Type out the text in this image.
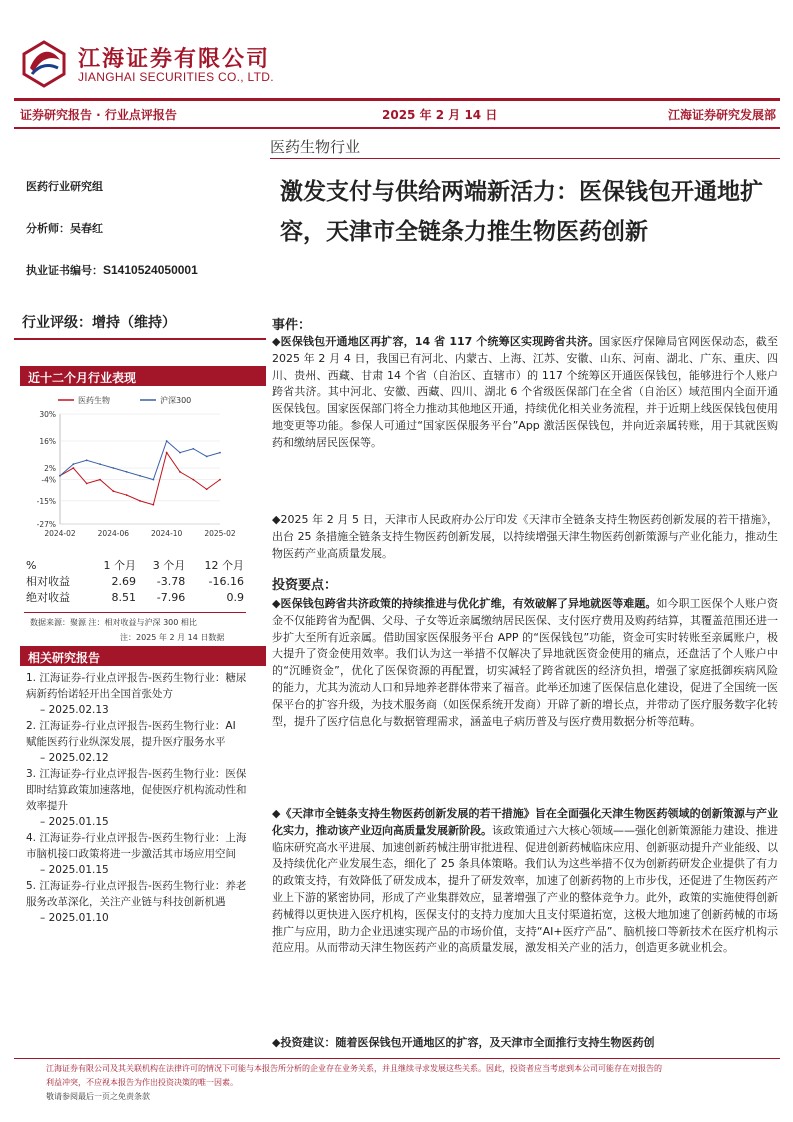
江海证券有限公司
JIANGHAI SECURITIES CO., LTD.
证券研究报告 · 行业点评报告	2025 年 2 月 14 日	江海证券研究发展部
医药生物行业
激发支付与供给两端新活力：医保钱包开通地扩容，天津市全链条力推生物医药创新
医药行业研究组
分析师：吴春红
执业证书编号：S1410524050001
行业评级：增持（维持）
近十二个月行业表现
医药生物	沪深300
30%
16%
2%
-4%
-15%
-27%
2024-02	2024-06	2024-10	2025-02
%	1 个月	3 个月	12 个月
相对收益	2.69	-3.78	-16.16
绝对收益	8.51	-7.96	0.9
数据来源：聚源 注：相对收益与沪深 300 相比
注：2025 年 2 月 14 日数据
相关研究报告
1. 江海证券-行业点评报告-医药生物行业：糖尿病新药怡诺轻开出全国首张处方
– 2025.02.13
2. 江海证券-行业点评报告-医药生物行业：AI 赋能医药行业纵深发展，提升医疗服务水平
– 2025.02.12
3. 江海证券-行业点评报告-医药生物行业：医保即时结算政策加速落地，促使医疗机构流动性和效率提升
– 2025.01.15
4. 江海证券-行业点评报告-医药生物行业：上海市脑机接口政策将进一步激活其市场应用空间
– 2025.01.15
5. 江海证券-行业点评报告-医药生物行业：养老服务改革深化，关注产业链与科技创新机遇
– 2025.01.10
事件：
◆医保钱包开通地区再扩容，14 省 117 个统筹区实现跨省共济。国家医疗保障局官网医保动态，截至 2025 年 2 月 4 日，我国已有河北、内蒙古、上海、江苏、安徽、山东、河南、湖北、广东、重庆、四川、贵州、西藏、甘肃 14 个省（自治区、直辖市）的 117 个统筹区开通医保钱包，能够进行个人账户跨省共济。其中河北、安徽、西藏、四川、湖北 6 个省级医保部门在全省（自治区）域范围内全面开通医保钱包。国家医保部门将全力推动其他地区开通，持续优化相关业务流程，并于近期上线医保钱包使用地变更等功能。参保人可通过“国家医保服务平台”App 激活医保钱包，并向近亲属转账，用于其就医购药和缴纳居民医保等。
◆2025 年 2 月 5 日，天津市人民政府办公厅印发《天津市全链条支持生物医药创新发展的若干措施》，出台 25 条措施全链条支持生物医药创新发展，以持续增强天津生物医药创新策源与产业化能力，推动生物医药产业高质量发展。
投资要点：
◆医保钱包跨省共济政策的持续推进与优化扩维，有效破解了异地就医等难题。如今职工医保个人账户资金不仅能跨省为配偶、父母、子女等近亲属缴纳居民医保、支付医疗费用及购药结算，其覆盖范围还进一步扩大至所有近亲属。借助国家医保服务平台 APP 的“医保钱包”功能，资金可实时转账至亲属账户，极大提升了资金使用效率。我们认为这一举措不仅解决了异地就医资金使用的痛点，还盘活了个人账户中的“沉睡资金”，优化了医保资源的再配置，切实减轻了跨省就医的经济负担，增强了家庭抵御疾病风险的能力，尤其为流动人口和异地养老群体带来了福音。此举还加速了医保信息化建设，促进了全国统一医保平台的扩容升级，为技术服务商（如医保系统开发商）开辟了新的增长点，并带动了医疗服务数字化转型，提升了医疗信息化与数据管理需求，涵盖电子病历普及与医疗费用数据分析等范畴。
◆《天津市全链条支持生物医药创新发展的若干措施》旨在全面强化天津生物医药领域的创新策源与产业化实力，推动该产业迈向高质量发展新阶段。该政策通过六大核心领域——强化创新策源能力建设、推进临床研究高水平进展、加速创新药械注册审批进程、促进创新药械临床应用、创新驱动提升产业能级、以及持续优化产业发展生态，细化了 25 条具体策略。我们认为这些举措不仅为创新药研发企业提供了有力的政策支持，有效降低了研发成本，提升了研发效率，加速了创新药物的上市步伐，还促进了生物医药产业上下游的紧密协同，形成了产业集群效应，显著增强了产业的整体竞争力。此外，政策的实施使得创新药械得以更快进入医疗机构，医保支付的支持力度加大且支付渠道拓宽，这极大地加速了创新药械的市场推广与应用，助力企业迅速实现产品的市场价值，支持“AI+医疗产品”、脑机接口等新技术在医疗机构示范应用。从而带动天津生物医药产业的高质量发展，激发相关产业的活力，创造更多就业机会。
◆投资建议：随着医保钱包开通地区的扩容，及天津市全面推行支持生物医药创
江海证券有限公司及其关联机构在法律许可的情况下可能与本报告所分析的企业存在业务关系，并且继续寻求发展这些关系。因此，投资者应当考虑到本公司可能存在对报告的
利益冲突，不应视本报告为作出投资决策的唯一因素。
敬请参阅最后一页之免责条款
